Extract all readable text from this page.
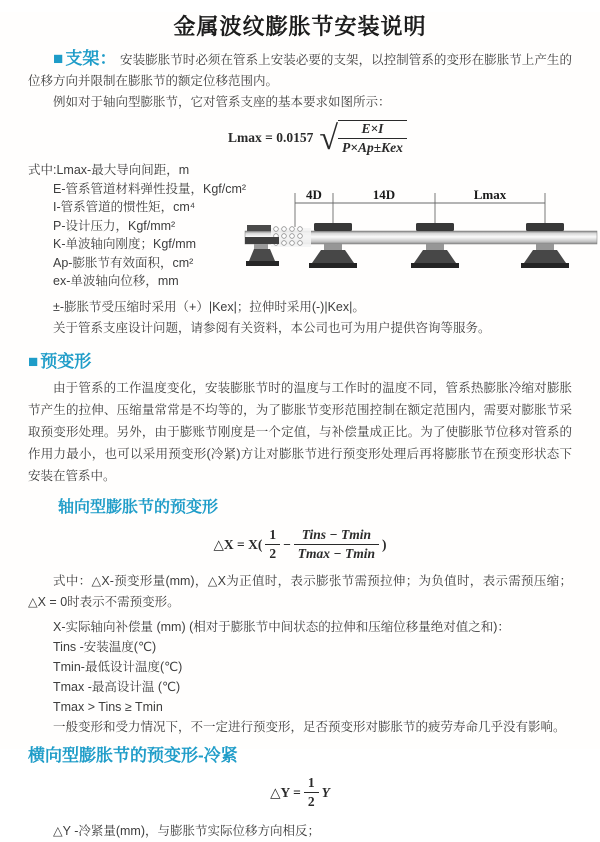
金属波纹膨胀节安装说明

■ 支架： 安装膨胀节时必须在管系上安装必要的支架，以控制管系的变形在膨胀节上产生的位移方向并限制在膨胀节的额定位移范围内。

例如对于轴向型膨胀节，它对管系支座的基本要求如图所示：

Lmax = 0.0157 √ $\frac{E\times I}{\text{P×Ap±Kex}}$
式中:Lmax-最大导向间距，m
E-管系管道材料弹性投量，Kgf/cm²
I-管系管道的惯性矩，cm⁴
P-设计压力，Kgf/mm²
K-单波轴向刚度；Kgf/mm
Ap-膨胀节有效面积，cm²
ex-单波轴向位移，mm
4D	14D	Lmax
±-膨胀节受压缩时采用（+）|Kex|；拉伸时采用(-)|Kex|。
关于管系支座设计问题，请参阅有关资料，本公司也可为用户提供咨询等服务。
■ 预变形

由于管系的工作温度变化，安装膨胀节时的温度与工作时的温度不同，管系热膨胀冷缩对膨胀节产生的拉伸、压缩量常常是不均等的，为了膨胀节变形范围控制在额定范围内，需要对膨胀节采取预变形处理。另外，由于膨账节刚度是一个定值，与补偿量成正比。为了使膨胀节位移对管系的作用力最小，也可以采用预变形(冷紧)方让对膨胀节进行预变形处理后再将膨胀节在预变形状态下安装在管系中。

轴向型膨胀节的预变形
△X = $X( \frac{1}{2} - \frac{\text{Tins − Tmin}}{Tmax - Tmin}$ )

式中：△X-预变形量(mm)，△X为正值时，表示膨张节需预拉伸；为负值时，表示需预压缩；△X = 0时表示不需预变形。

X-实际轴向补偿量 (mm) (相对于膨胀节中间状态的拉伸和压缩位移量绝对值之和)：
Tins -安装温度(℃)
Tmin-最低设计温度(℃)
Tmax -最高设计温 (℃)
Tmax > Tins ≥ Tmin
一般变形和受力情况下，不一定进行预变形，足否预变形对膨胀节的疲劳寿命几乎没有影响。
横向型膨胀节的预变形-冷紧
△Y = $\frac{1}{2}$ Y
△Y -冷紧量(mm)，与膨胀节实际位移方向相反；
